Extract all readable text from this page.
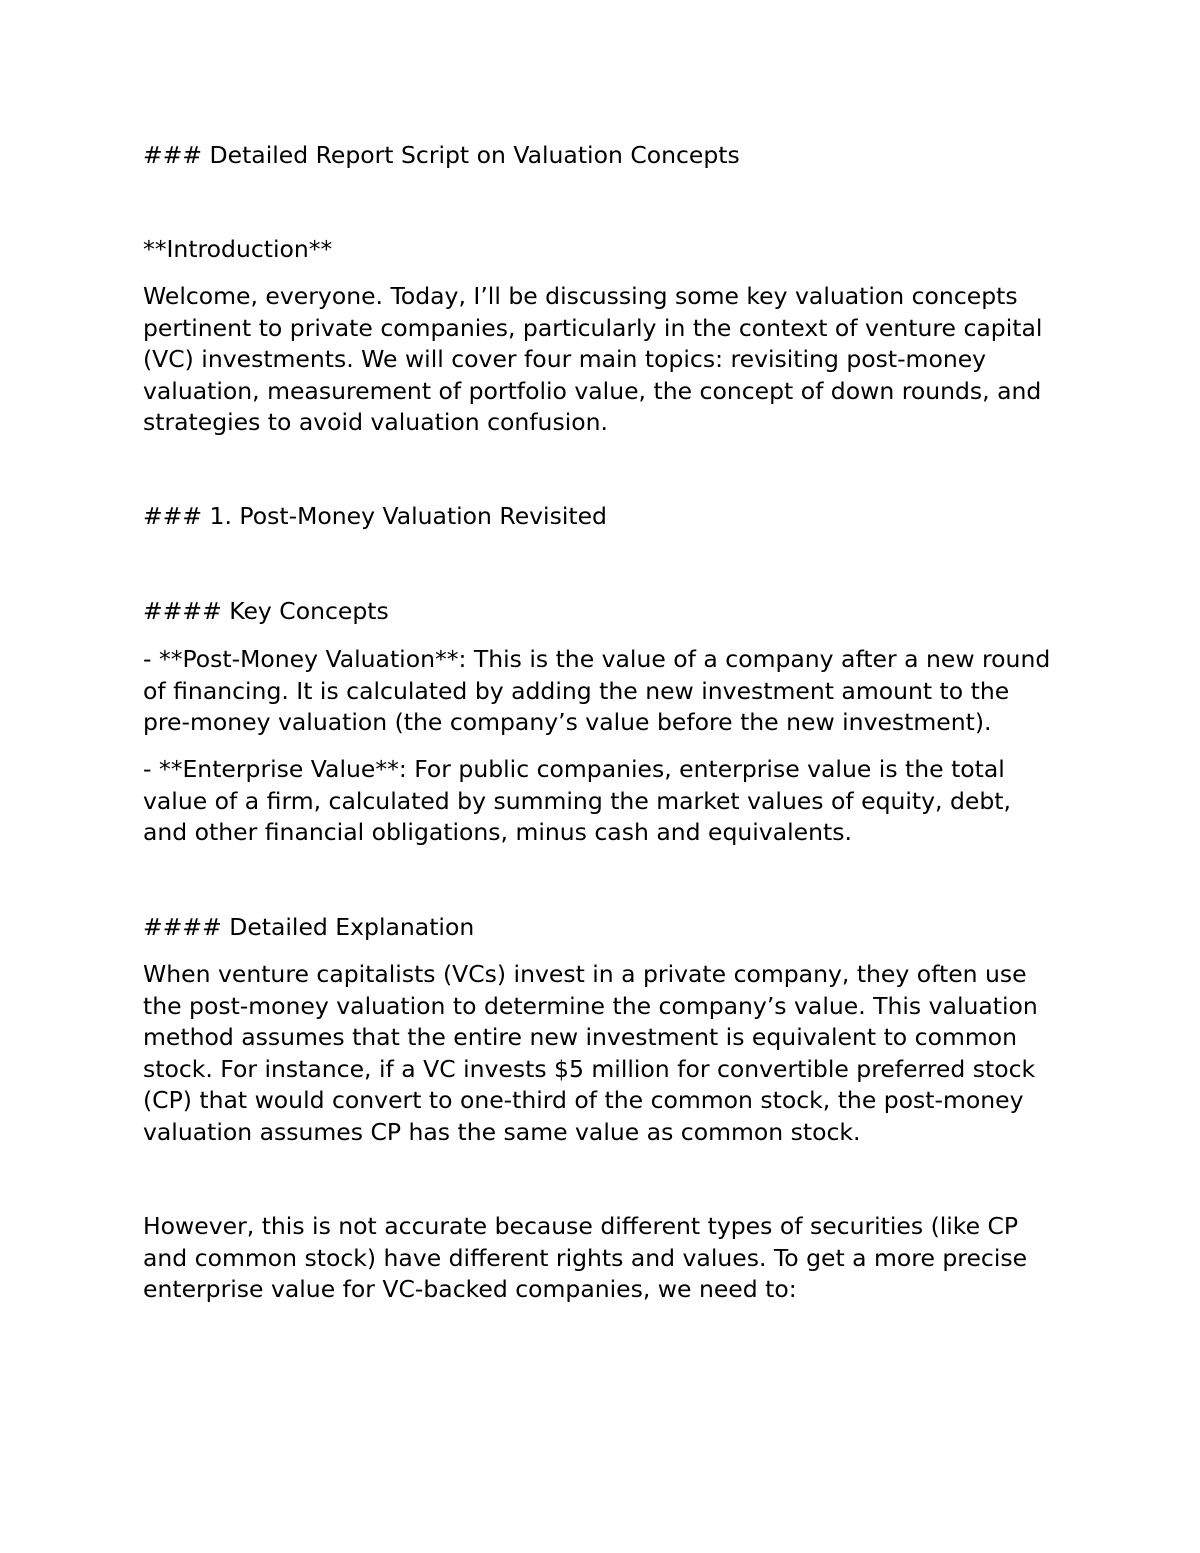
### Detailed Report Script on Valuation Concepts

**Introduction**

Welcome, everyone. Today, I’ll be discussing some key valuation concepts
pertinent to private companies, particularly in the context of venture capital
(VC) investments. We will cover four main topics: revisiting post-money
valuation, measurement of portfolio value, the concept of down rounds, and
strategies to avoid valuation confusion.

### 1. Post-Money Valuation Revisited

#### Key Concepts

- **Post-Money Valuation**: This is the value of a company after a new round
of financing. It is calculated by adding the new investment amount to the
pre-money valuation (the company’s value before the new investment).

- **Enterprise Value**: For public companies, enterprise value is the total
value of a firm, calculated by summing the market values of equity, debt,
and other financial obligations, minus cash and equivalents.

#### Detailed Explanation

When venture capitalists (VCs) invest in a private company, they often use
the post-money valuation to determine the company’s value. This valuation
method assumes that the entire new investment is equivalent to common
stock. For instance, if a VC invests $5 million for convertible preferred stock
(CP) that would convert to one-third of the common stock, the post-money
valuation assumes CP has the same value as common stock.

However, this is not accurate because different types of securities (like CP
and common stock) have different rights and values. To get a more precise
enterprise value for VC-backed companies, we need to:
